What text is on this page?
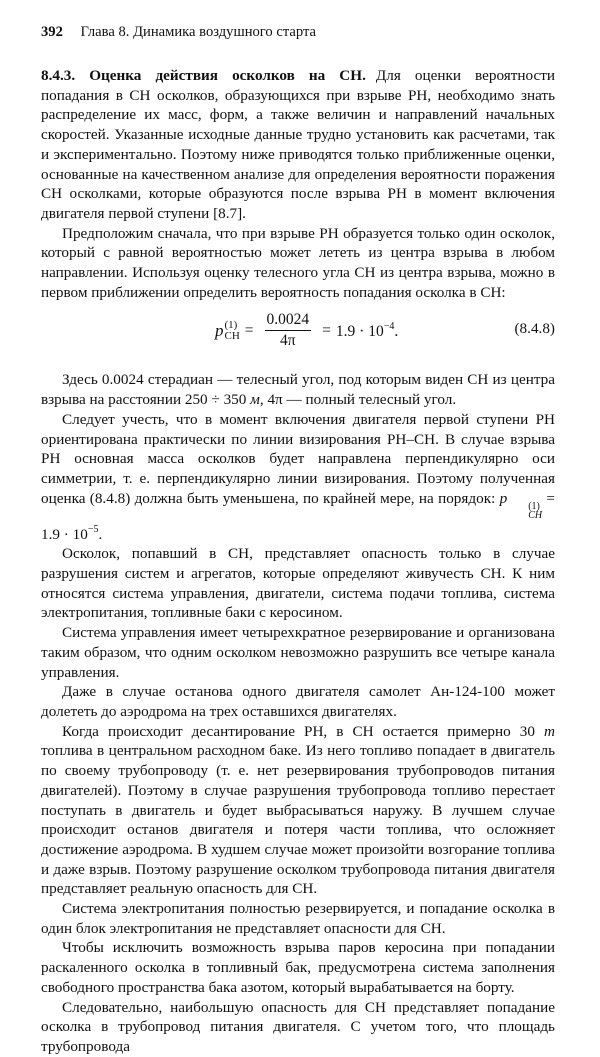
392 Глава 8. Динамика воздушного старта

8.4.3. Оценка действия осколков на СН. Для оценки вероятности попадания в СН осколков, образующихся при взрыве РН, необходимо знать распределение их масс, форм, а также величин и направлений начальных скоростей. Указанные исходные данные трудно установить как расчетами, так и экспериментально. Поэтому ниже приводятся только приближенные оценки, основанные на качественном анализе для определения вероятности поражения СН осколками, которые образуются после взрыва РН в момент включения двигателя первой ступени [8.7].

Предположим сначала, что при взрыве РН образуется только один осколок, который с равной вероятностью может лететь из центра взрыва в любом направлении. Используя оценку телесного угла СН из центра взрыва, можно в первом приближении определить вероятность попадания осколка в СН:

p (1)
CH = $\frac{0.0024}{4\pi} = 1.9 \cdot 10^{-4}$.	(8.4.8)

Здесь 0.0024 стерадиан — телесный угол, под которым виден СН из центра взрыва на расстоянии 250 ÷ 350 м, 4π — полный телесный угол.

Следует учесть, что в момент включения двигателя первой ступени РН ориентирована практически по линии визирования РН–СН. В случае взрыва РН основная масса осколков будет направлена перпендикулярно оси симметрии, т. е. перпендикулярно линии визирования. Поэтому полученная оценка (8.4.8) должна быть уменьшена, по крайней мере, на порядок: p	(1)
CH
= $1.9 \cdot 10^{-5}$.

Осколок, попавший в СН, представляет опасность только в случае разрушения систем и агрегатов, которые определяют живучесть СН. К ним относятся система управления, двигатели, система подачи топлива, система электропитания, топливные баки с керосином.

Система управления имеет четырехкратное резервирование и организована таким образом, что одним осколком невозможно разрушить все четыре канала управления.

Даже в случае останова одного двигателя самолет Ан-124-100 может долететь до аэродрома на трех оставшихся двигателях.

Когда происходит десантирование РН, в СН остается примерно 30 т топлива в центральном расходном баке. Из него топливо попадает в двигатель по своему трубопроводу (т. е. нет резервирования трубопроводов питания двигателей). Поэтому в случае разрушения трубопровода топливо перестает поступать в двигатель и будет выбрасываться наружу. В лучшем случае происходит останов двигателя и потеря части топлива, что осложняет достижение аэродрома. В худшем случае может произойти возгорание топлива и даже взрыв. Поэтому разрушение осколком трубопровода питания двигателя представляет реальную опасность для СН.

Система электропитания полностью резервируется, и попадание осколка в один блок электропитания не представляет опасности для СН.

Чтобы исключить возможность взрыва паров керосина при попадании раскаленного осколка в топливный бак, предусмотрена система заполнения свободного пространства бака азотом, который вырабатывается на борту.

Следовательно, наибольшую опасность для СН представляет попадание осколка в трубопровод питания двигателя. С учетом того, что площадь трубопровода
